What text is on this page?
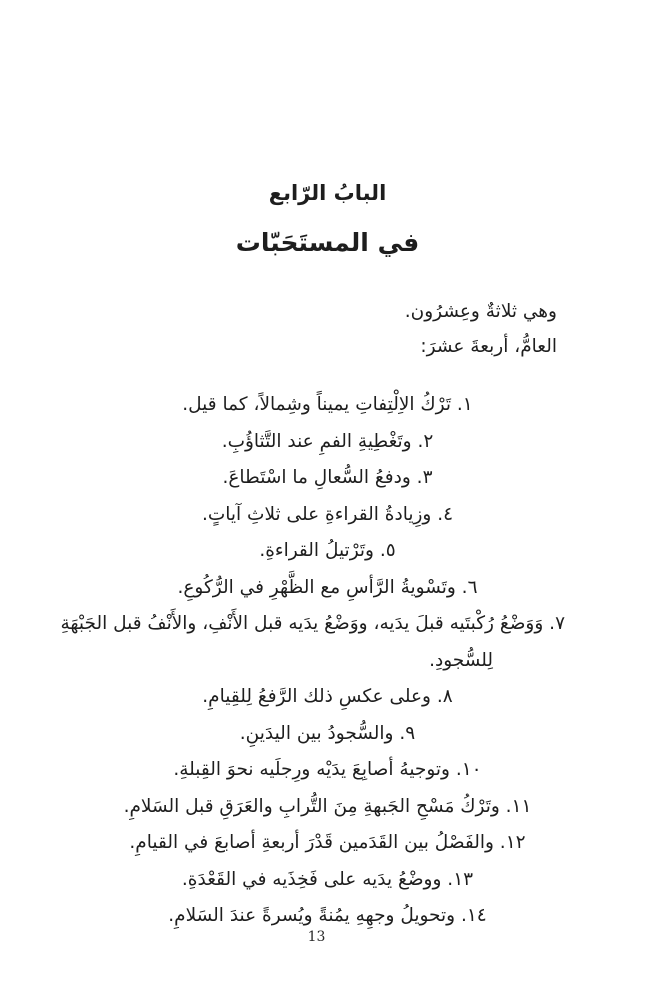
البابُ الرّابع
في المستَحَبّات
وهي ثلاثةٌ وعِشرُون.
العامُّ، أربعةَ عشرَ:
١. تَرْكُ الاِلْتِفاتِ يميناً وشِمالاً، كما قيل.
٢. وتَغْطِيةِ الفمِ عند التَّثاؤُبِ.
٣. ودفعُ السُّعالِ ما اسْتَطاعَ.
٤. وزِيادةُ القراءةِ على ثلاثِ آياتٍ.
٥. وتَرْتيلُ القراءةِ.
٦. وتَسْويةُ الرَّأسِ مع الظَّهْرِ في الرُّكُوعِ.
٧. وَوَضْعُ رُكْبتَيه قبلَ يدَيه، ووَضْعُ يدَيه قبل الأَنْفِ، والأَنْفُ قبل الجَبْهَةِ
لِلسُّجودِ.
٨. وعلى عكسِ ذلك الرَّفعُ لِلقِيامِ.
٩. والسُّجودُ بين اليدَينِ.
١٠. وتوجيهُ أصابِعَ يدَيْه ورِجلَيه نحوَ القِبلةِ.
١١. وتَرْكُ مَسْحِ الجَبهةِ مِنَ التُّرابِ والعَرَقِ قبل السَلامِ.
١٢. والفَصْلُ بين القَدَمين قَدْرَ أربعةِ أصابعَ في القيامِ.
١٣. ووضْعُ يدَيه على فَخِذَيه في القَعْدَةِ.
١٤. وتحويلُ وجهِهِ يمُنةً ويُسرةً عندَ السَلامِ.
13
